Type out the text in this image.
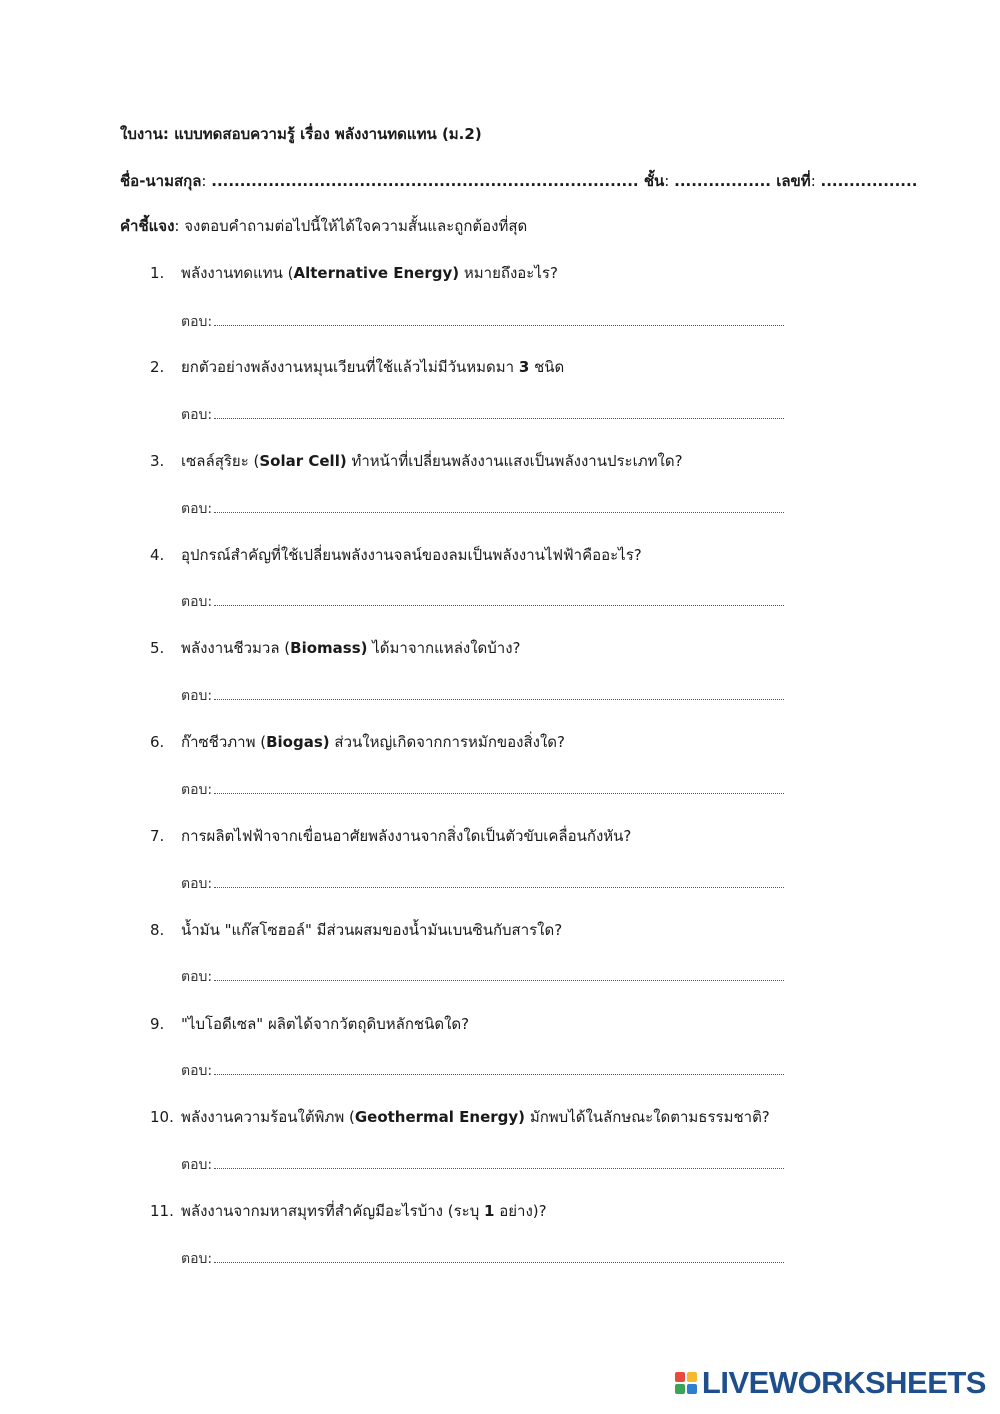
ใบงาน: แบบทดสอบความรู้ เรื่อง พลังงานทดแทน (ม.2)
ชื่อ-นามสกุล: ........................................................................... ชั้น: ................. เลขที่: .................
คำชี้แจง: จงตอบคำถามต่อไปนี้ให้ได้ใจความสั้นและถูกต้องที่สุด
1. พลังงานทดแทน (Alternative Energy) หมายถึงอะไร?
ตอบ:
2. ยกตัวอย่างพลังงานหมุนเวียนที่ใช้แล้วไม่มีวันหมดมา 3 ชนิด
ตอบ:
3. เซลล์สุริยะ (Solar Cell) ทำหน้าที่เปลี่ยนพลังงานแสงเป็นพลังงานประเภทใด?
ตอบ:
4. อุปกรณ์สำคัญที่ใช้เปลี่ยนพลังงานจลน์ของลมเป็นพลังงานไฟฟ้าคืออะไร?
ตอบ:
5. พลังงานชีวมวล (Biomass) ได้มาจากแหล่งใดบ้าง?
ตอบ:
6. ก๊าซชีวภาพ (Biogas) ส่วนใหญ่เกิดจากการหมักของสิ่งใด?
ตอบ:
7. การผลิตไฟฟ้าจากเขื่อนอาศัยพลังงานจากสิ่งใดเป็นตัวขับเคลื่อนกังหัน?
ตอบ:
8. น้ำมัน "แก๊สโซฮอล์" มีส่วนผสมของน้ำมันเบนซินกับสารใด?
ตอบ:
9. "ไบโอดีเซล" ผลิตได้จากวัตถุดิบหลักชนิดใด?
ตอบ:
10. พลังงานความร้อนใต้พิภพ (Geothermal Energy) มักพบได้ในลักษณะใดตามธรรมชาติ?
ตอบ:
11. พลังงานจากมหาสมุทรที่สำคัญมีอะไรบ้าง (ระบุ 1 อย่าง)?
ตอบ:
LIVEWORKSHEETS
